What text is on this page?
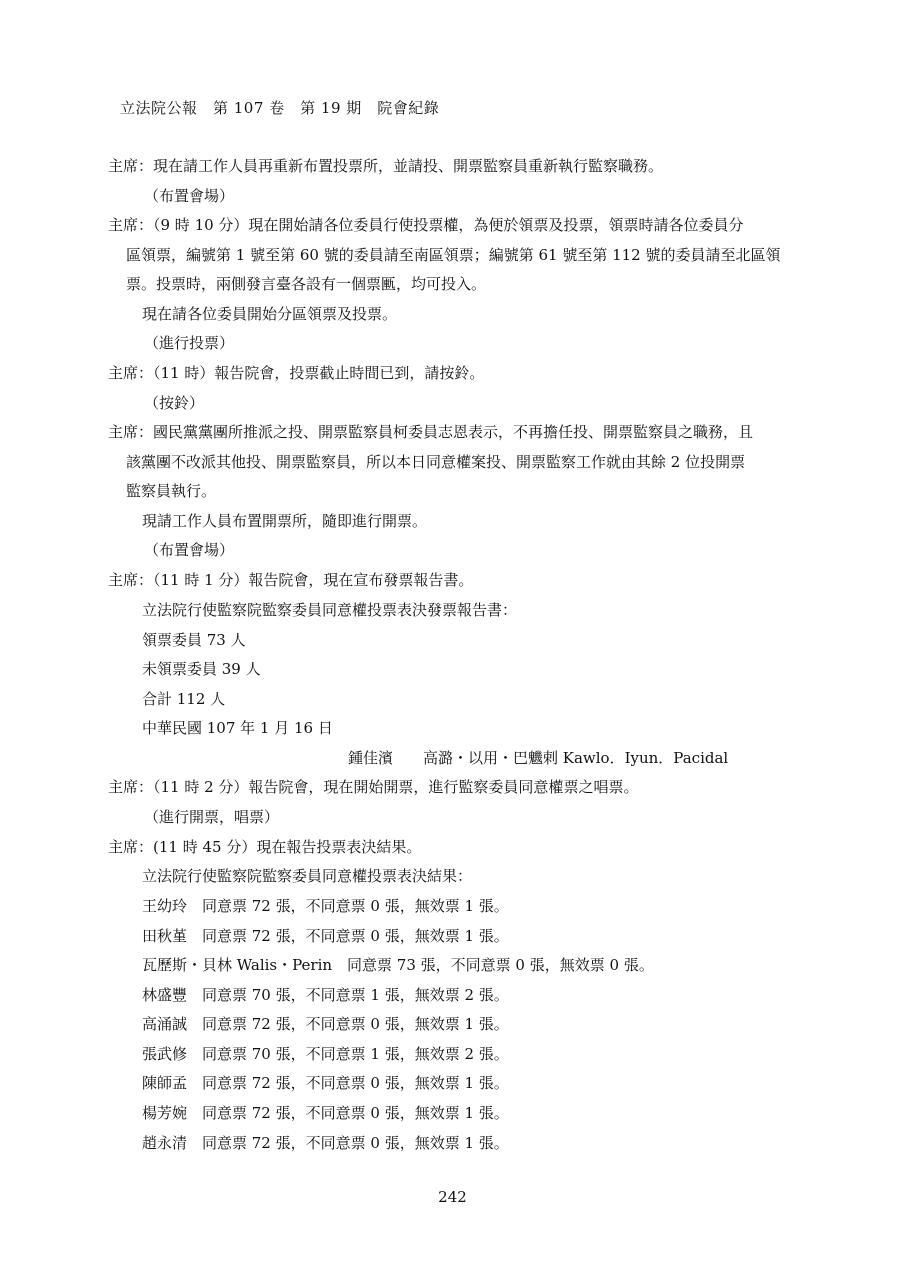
立法院公報　第 107 卷　第 19 期　院會紀錄
主席：現在請工作人員再重新布置投票所，並請投、開票監察員重新執行監察職務。
（布置會場）
主席：（9 時 10 分）現在開始請各位委員行使投票權，為便於領票及投票，領票時請各位委員分
區領票，編號第 1 號至第 60 號的委員請至南區領票；編號第 61 號至第 112 號的委員請至北區領
票。投票時，兩側發言臺各設有一個票匭，均可投入。
現在請各位委員開始分區領票及投票。
（進行投票）
主席：（11 時）報告院會，投票截止時間已到，請按鈴。
（按鈴）
主席：國民黨黨團所推派之投、開票監察員柯委員志恩表示，不再擔任投、開票監察員之職務，且
該黨團不改派其他投、開票監察員，所以本日同意權案投、開票監察工作就由其餘 2 位投開票
監察員執行。
現請工作人員布置開票所，隨即進行開票。
（布置會場）
主席：（11 時 1 分）報告院會，現在宣布發票報告書。
立法院行使監察院監察委員同意權投票表決發票報告書：
領票委員 73 人
未領票委員 39 人
合計 112 人
中華民國 107 年 1 月 16 日
鍾佳濱　　高潞・以用・巴魕剌 Kawlo．Iyun．Pacidal
主席：（11 時 2 分）報告院會，現在開始開票，進行監察委員同意權票之唱票。
（進行開票，唱票）
主席：(11 時 45 分）現在報告投票表決結果。
立法院行使監察院監察委員同意權投票表決結果：
王幼玲　同意票 72 張，不同意票 0 張，無效票 1 張。
田秋堇　同意票 72 張，不同意票 0 張，無效票 1 張。
瓦歷斯・貝林 Walis・Perin　同意票 73 張，不同意票 0 張，無效票 0 張。
林盛豐　同意票 70 張，不同意票 1 張，無效票 2 張。
高涌誠　同意票 72 張，不同意票 0 張，無效票 1 張。
張武修　同意票 70 張，不同意票 1 張，無效票 2 張。
陳師孟　同意票 72 張，不同意票 0 張，無效票 1 張。
楊芳婉　同意票 72 張，不同意票 0 張，無效票 1 張。
趙永清　同意票 72 張，不同意票 0 張，無效票 1 張。
242
